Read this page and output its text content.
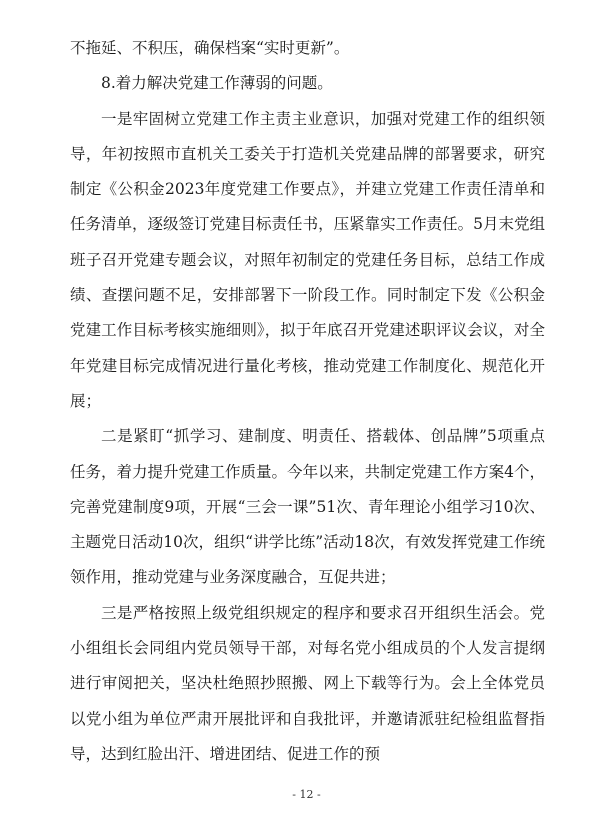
不拖延、不积压，确保档案“实时更新”。

8.着力解决党建工作薄弱的问题。

一是牢固树立党建工作主责主业意识，加强对党建工作的组织领导，年初按照市直机关工委关于打造机关党建品牌的部署要求，研究制定《公积金2023年度党建工作要点》，并建立党建工作责任清单和任务清单，逐级签订党建目标责任书，压紧靠实工作责任。5月末党组班子召开党建专题会议，对照年初制定的党建任务目标，总结工作成绩、查摆问题不足，安排部署下一阶段工作。同时制定下发《公积金党建工作目标考核实施细则》，拟于年底召开党建述职评议会议，对全年党建目标完成情况进行量化考核，推动党建工作制度化、规范化开展；

二是紧盯“抓学习、建制度、明责任、搭载体、创品牌”5项重点任务，着力提升党建工作质量。今年以来，共制定党建工作方案4个，完善党建制度9项，开展“三会一课”51次、青年理论小组学习10次、主题党日活动10次，组织“讲学比练”活动18次，有效发挥党建工作统领作用，推动党建与业务深度融合，互促共进；

三是严格按照上级党组织规定的程序和要求召开组织生活会。党小组组长会同组内党员领导干部，对每名党小组成员的个人发言提纲进行审阅把关，坚决杜绝照抄照搬、网上下载等行为。会上全体党员以党小组为单位严肃开展批评和自我批评，并邀请派驻纪检组监督指导，达到红脸出汗、增进团结、促进工作的预

- 12 -
